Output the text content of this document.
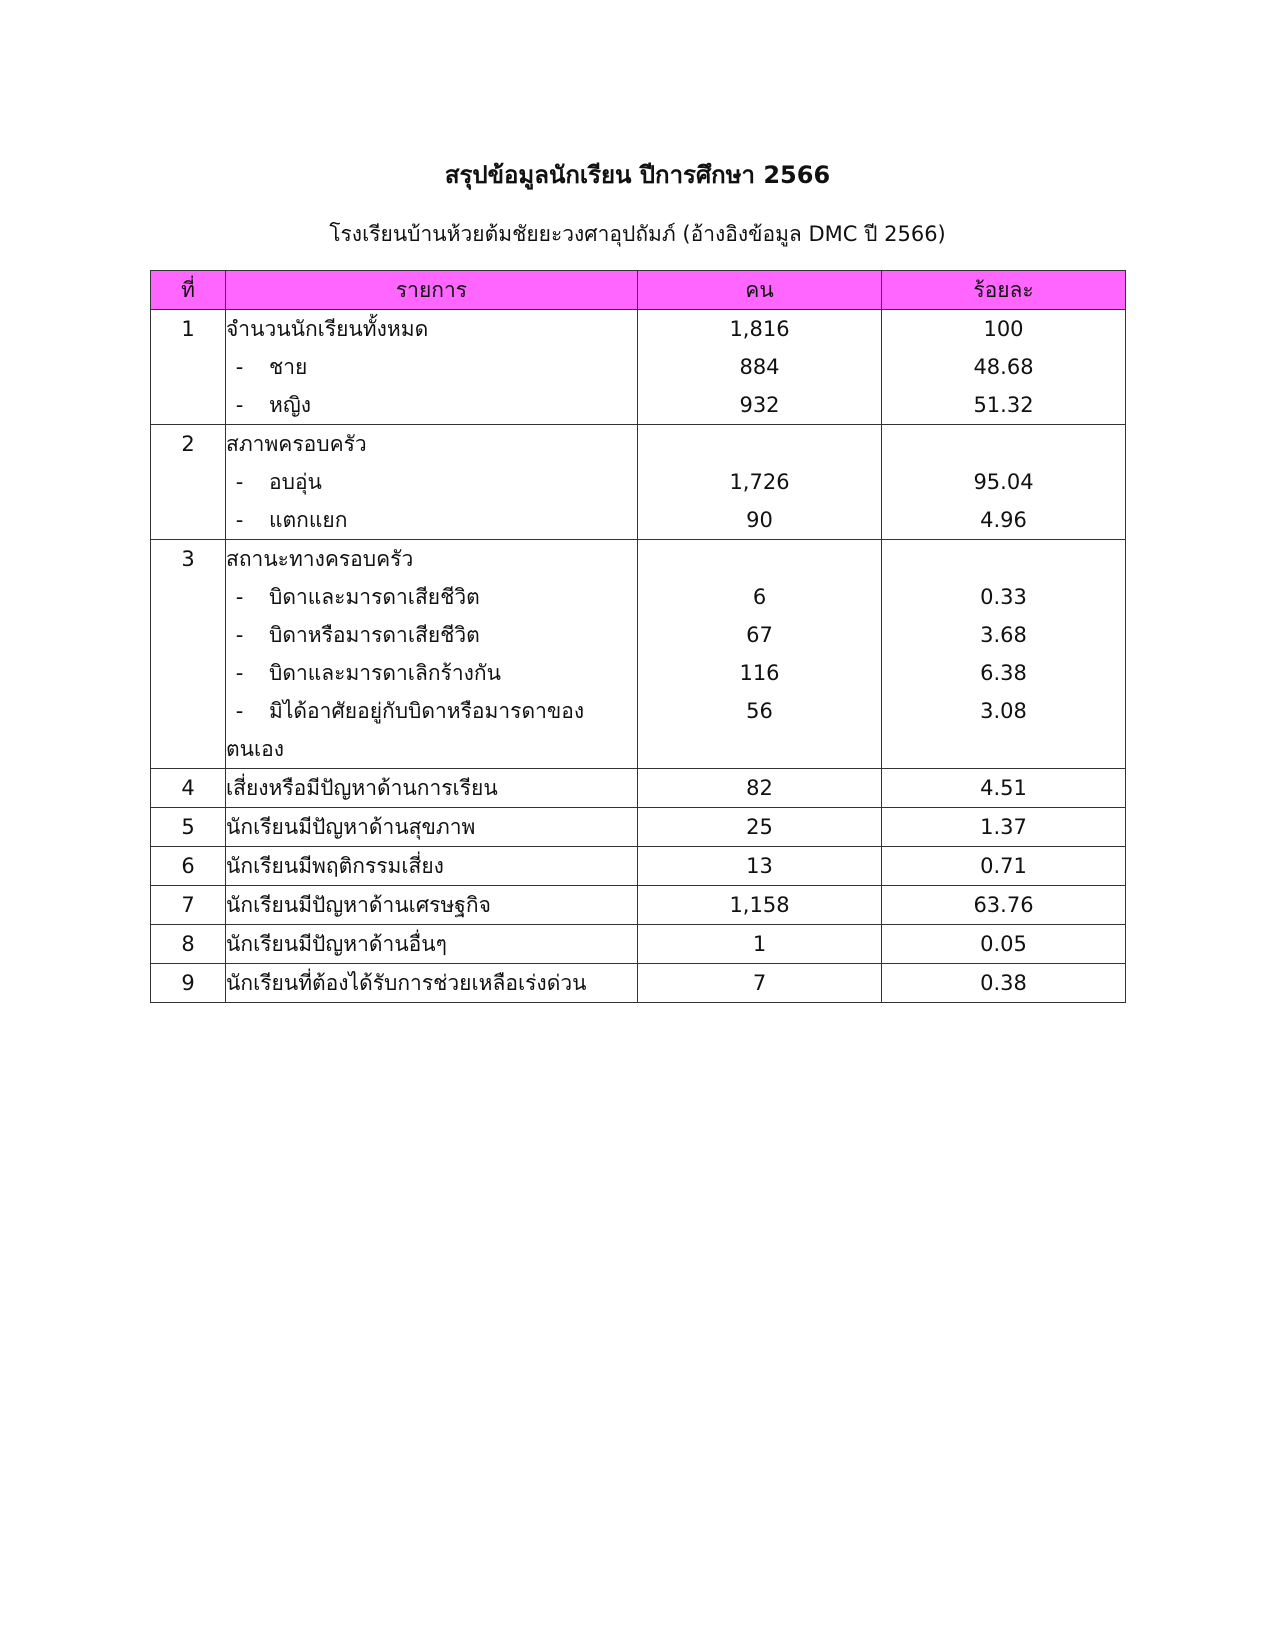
สรุปข้อมูลนักเรียน ปีการศึกษา 2566
โรงเรียนบ้านห้วยต้มชัยยะวงศาอุปถัมภ์ (อ้างอิงข้อมูล DMC ปี 2566)
ที่	รายการ	คน	ร้อยละ
1	จำนวนนักเรียนทั้งหมด	1,816	100
	- ชาย	884	48.68
	- หญิง	932	51.32
2	สภาพครอบครัว		
	- อบอุ่น	1,726	95.04
	- แตกแยก	90	4.96
3	สถานะทางครอบครัว		
	- บิดาและมารดาเสียชีวิต	6	0.33
	- บิดาหรือมารดาเสียชีวิต	67	3.68
	- บิดาและมารดาเลิกร้างกัน	116	6.38
	- มิได้อาศัยอยู่กับบิดาหรือมารดาของ	56	3.08
	ตนเอง		
4	เสี่ยงหรือมีปัญหาด้านการเรียน	82	4.51
5	นักเรียนมีปัญหาด้านสุขภาพ	25	1.37
6	นักเรียนมีพฤติกรรมเสี่ยง	13	0.71
7	นักเรียนมีปัญหาด้านเศรษฐกิจ	1,158	63.76
8	นักเรียนมีปัญหาด้านอื่นๆ	1	0.05
9	นักเรียนที่ต้องได้รับการช่วยเหลือเร่งด่วน	7	0.38
